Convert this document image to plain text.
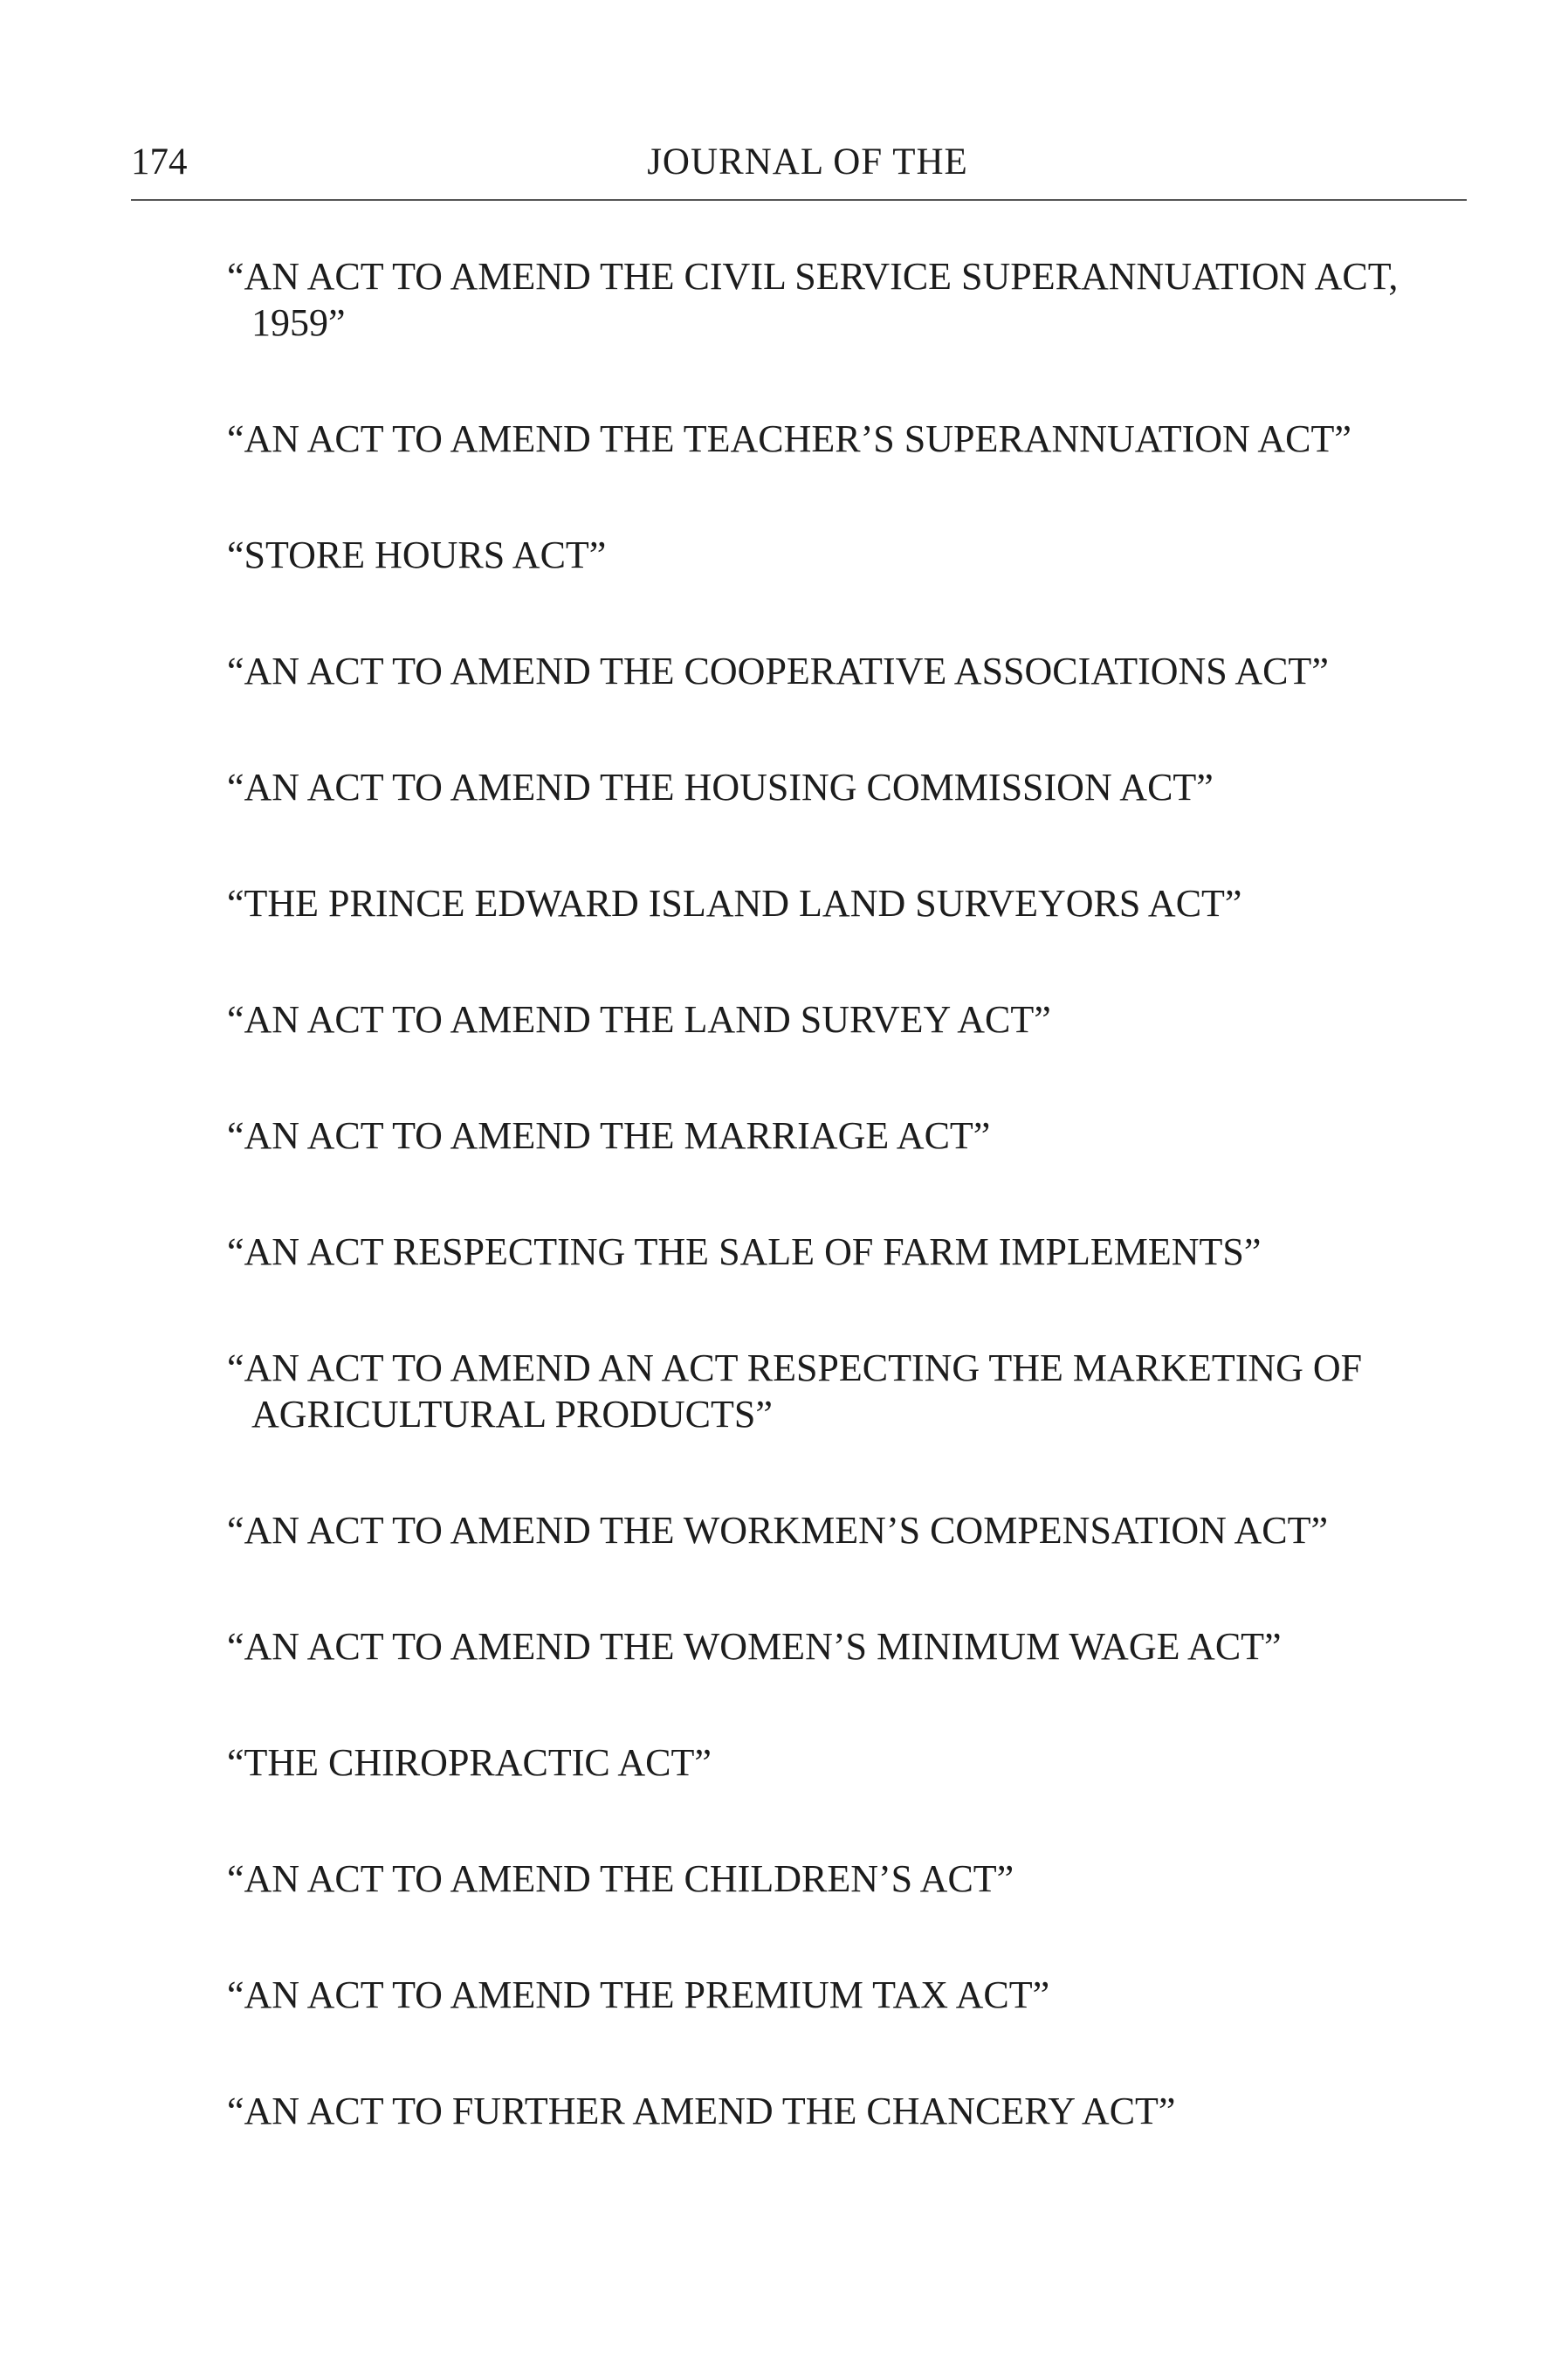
174	JOURNAL OF THE
“AN ACT TO AMEND THE CIVIL SERVICE SUPERANNUATION ACT, 1959”
“AN ACT TO AMEND THE TEACHER’S SUPERANNUATION ACT”
“STORE HOURS ACT”
“AN ACT TO AMEND THE COOPERATIVE ASSOCIATIONS ACT”
“AN ACT TO AMEND THE HOUSING COMMISSION ACT”
“THE PRINCE EDWARD ISLAND LAND SURVEYORS ACT”
“AN ACT TO AMEND THE LAND SURVEY ACT”
“AN ACT TO AMEND THE MARRIAGE ACT”
“AN ACT RESPECTING THE SALE OF FARM IMPLEMENTS”
“AN ACT TO AMEND AN ACT RESPECTING THE MARKETING OF AGRICULTURAL PRODUCTS”
“AN ACT TO AMEND THE WORKMEN’S COMPENSATION ACT”
“AN ACT TO AMEND THE WOMEN’S MINIMUM WAGE ACT”
“THE CHIROPRACTIC ACT”
“AN ACT TO AMEND THE CHILDREN’S ACT”
“AN ACT TO AMEND THE PREMIUM TAX ACT”
“AN ACT TO FURTHER AMEND THE CHANCERY ACT”
